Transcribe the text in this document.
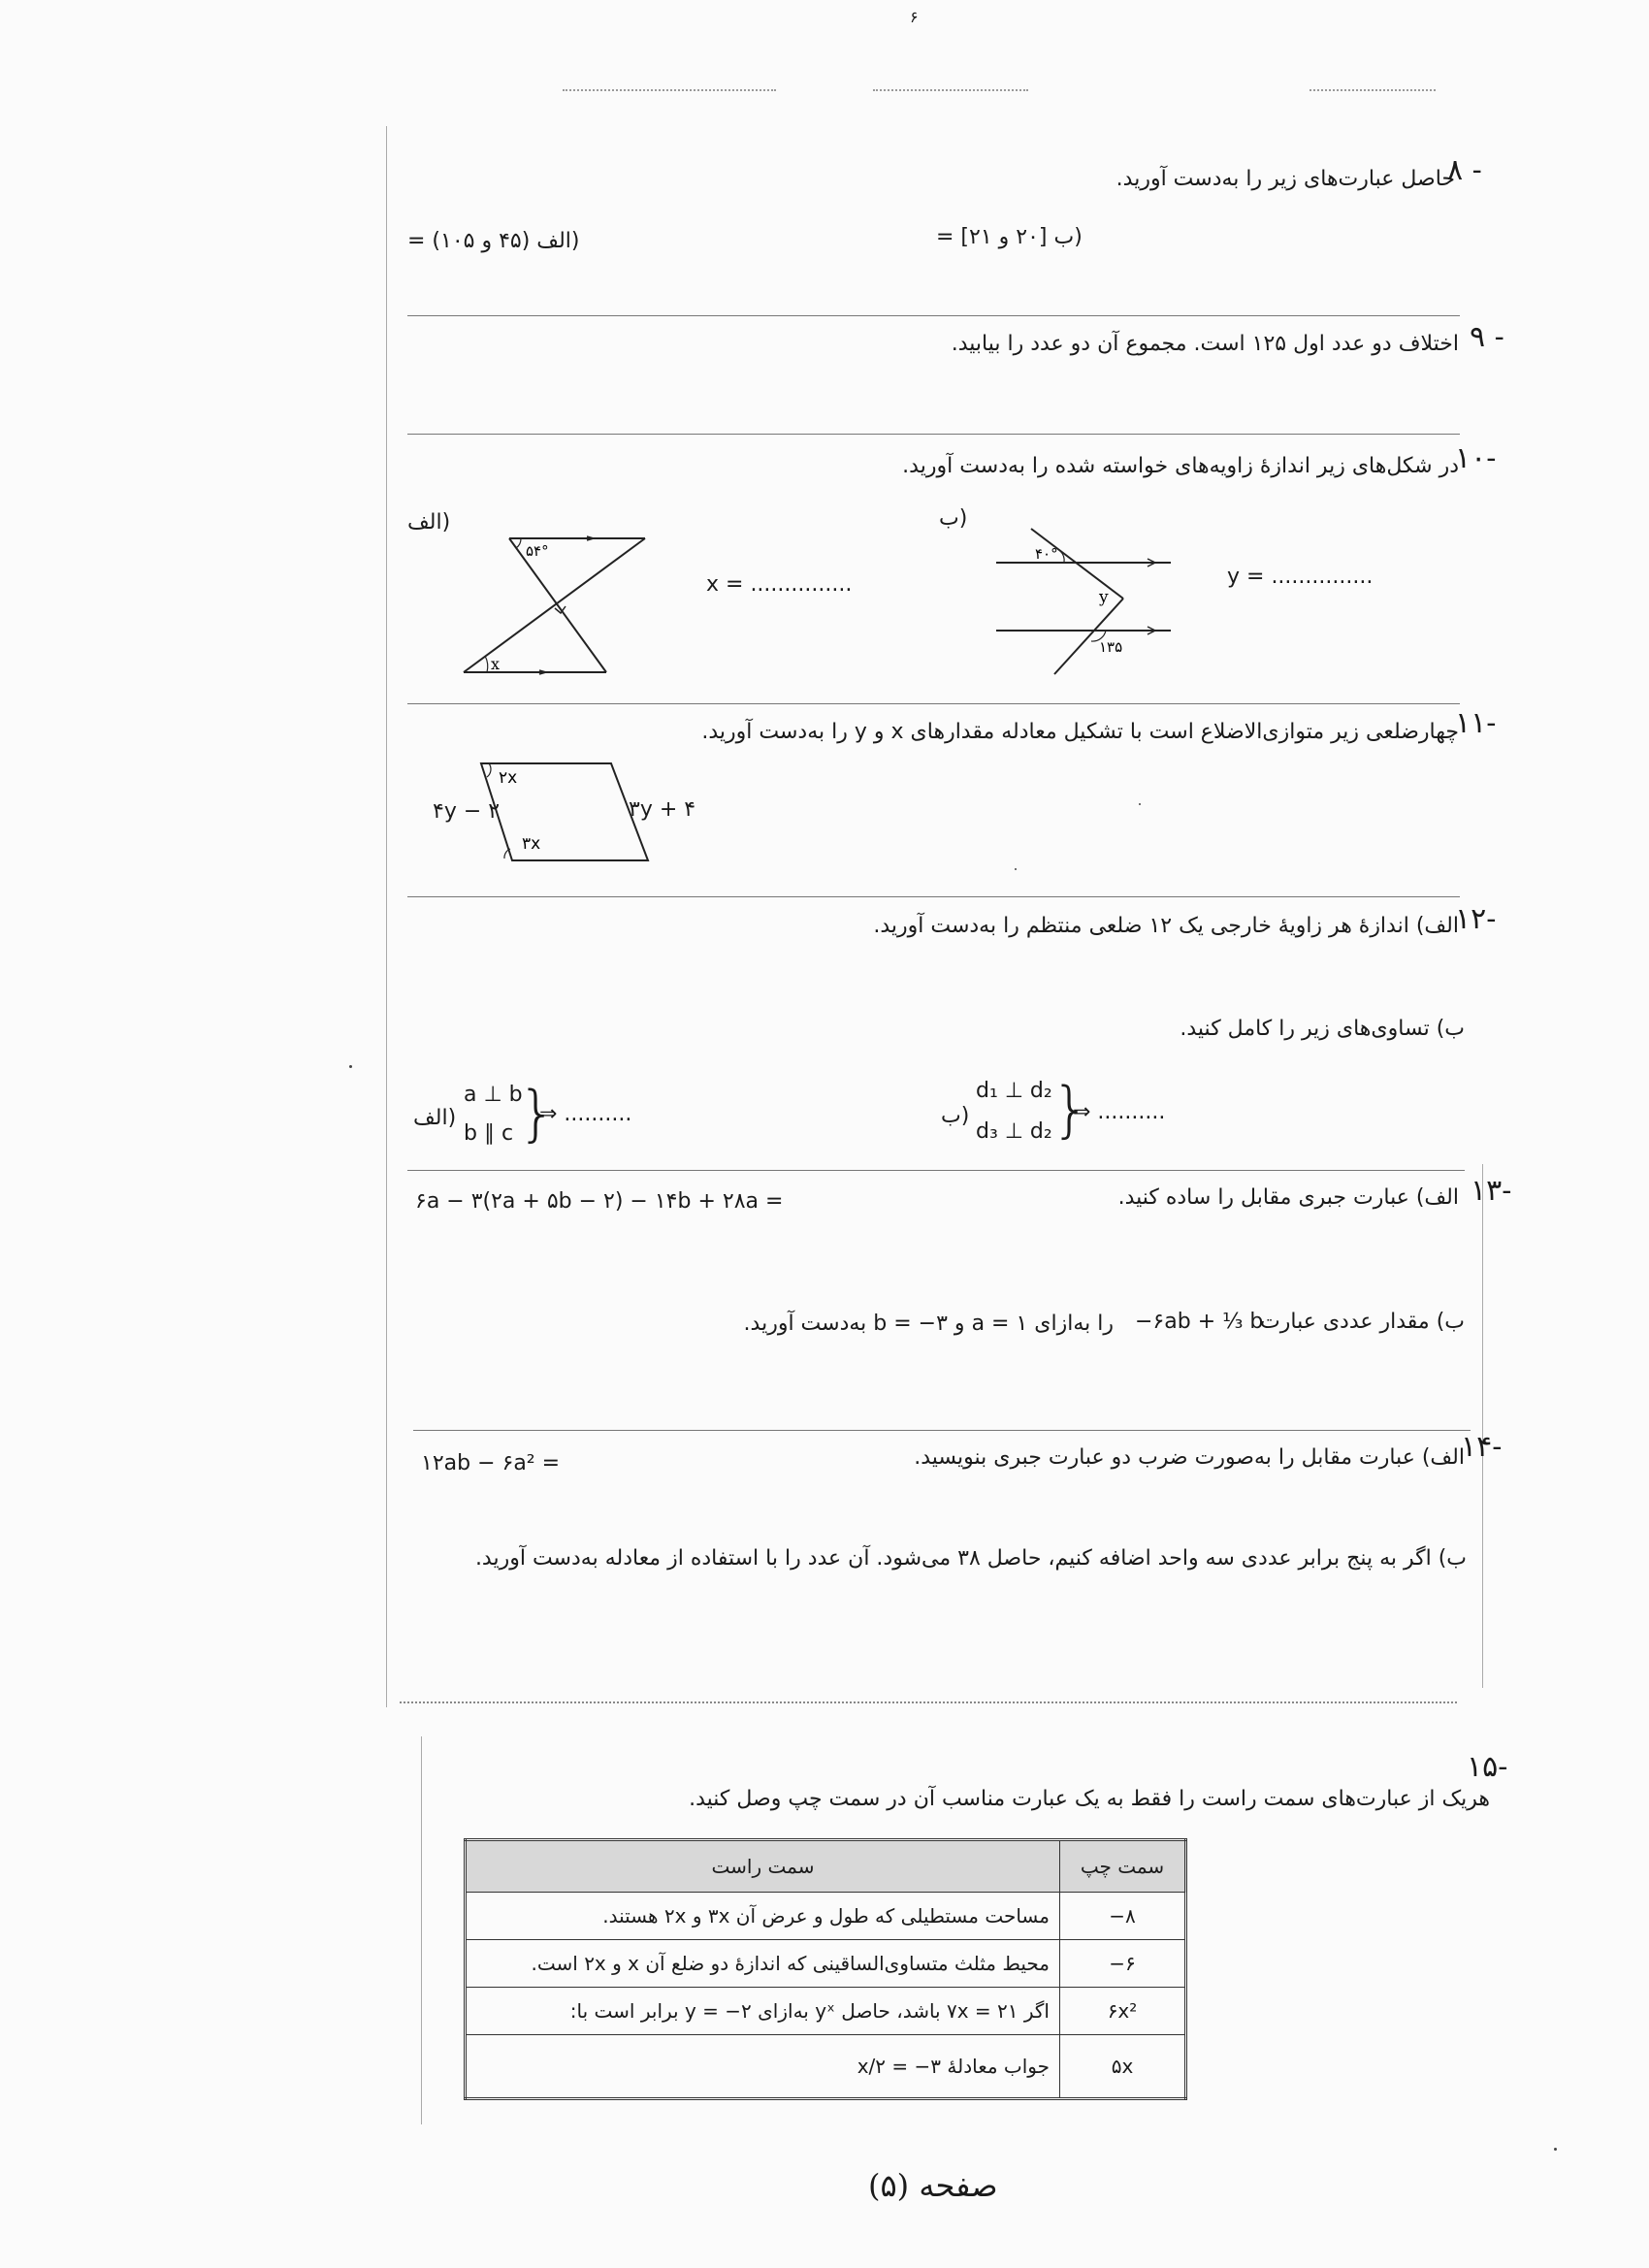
۶
۸ -
حاصل عبارت‌های زیر را به‌دست آورید.
(الف (۴۵ و ۱۰۵) =	(ب [۲۰ و ۲۱] =
۹ -
اختلاف دو عدد اول ۱۲۵ است. مجموع آن دو عدد را بیابید.
۱۰-
در شکل‌های زیر اندازهٔ زاویه‌های خواسته شده را به‌دست آورید.
(الف	(ب
۵۴°
x
x = ...............
۴۰°
y
۱۳۵
y = ...............
۱۱-
چهارضلعی زیر متوازی‌الاضلاع است با تشکیل معادله مقدارهای x و y را به‌دست آورید.
۲x
۳x
۴y − ۲	۳y + ۴
۱۲-
الف) اندازهٔ هر زاویهٔ خارجی یک ۱۲ ضلعی منتظم را به‌دست آورید.
ب) تساوی‌های زیر را کامل کنید.
(الف
a ⊥ b
b ∥ c }
⇒ ..........	(ب
d₁ ⊥ d₂
d₃ ⊥ d₂ }
⇒ ..........
۱۳-
الف) عبارت جبری مقابل را ساده کنید.
۶a − ۳(۲a + ۵b − ۲) − ۱۴b + ۲۸a =
ب) مقدار عددی عبارت
−۶ab + ¹⁄₃ b
را به‌ازای a = ۱ و b = −۳ به‌دست آورید.
۱۴-
الف) عبارت مقابل را به‌صورت ضرب دو عبارت جبری بنویسید.
۱۲ab − ۶a² =
ب) اگر به پنج برابر عددی سه واحد اضافه کنیم، حاصل ۳۸ می‌شود. آن عدد را با استفاده از معادله به‌دست آورید.
۱۵-
هریک از عبارت‌های سمت راست را فقط به یک عبارت مناسب آن در سمت چپ وصل کنید.
سمت راست	سمت چپ
مساحت مستطیلی که طول و عرض آن ۳x و ۲x هستند.	−۸
محیط مثلث متساوی‌الساقینی که اندازهٔ دو ضلع آن x و ۲x است.	−۶
اگر ۷x = ۲۱ باشد، حاصل yˣ به‌ازای y = −۲ برابر است با:	۶x²
جواب معادلهٔ x/۲ = −۳	۵x
صفحه (۵)
